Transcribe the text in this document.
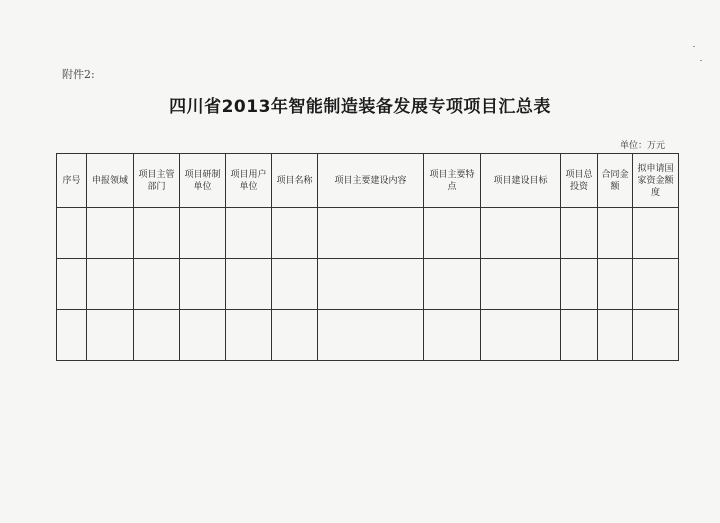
附件2:
四川省2013年智能制造装备发展专项项目汇总表
单位：万元
序号	申报领域	项目主管部门	项目研制单位	项目用户单位	项目名称	项目主要建设内容	项目主要特点	项目建设目标	项目总投资	合同金额	拟申请国家资金额度
